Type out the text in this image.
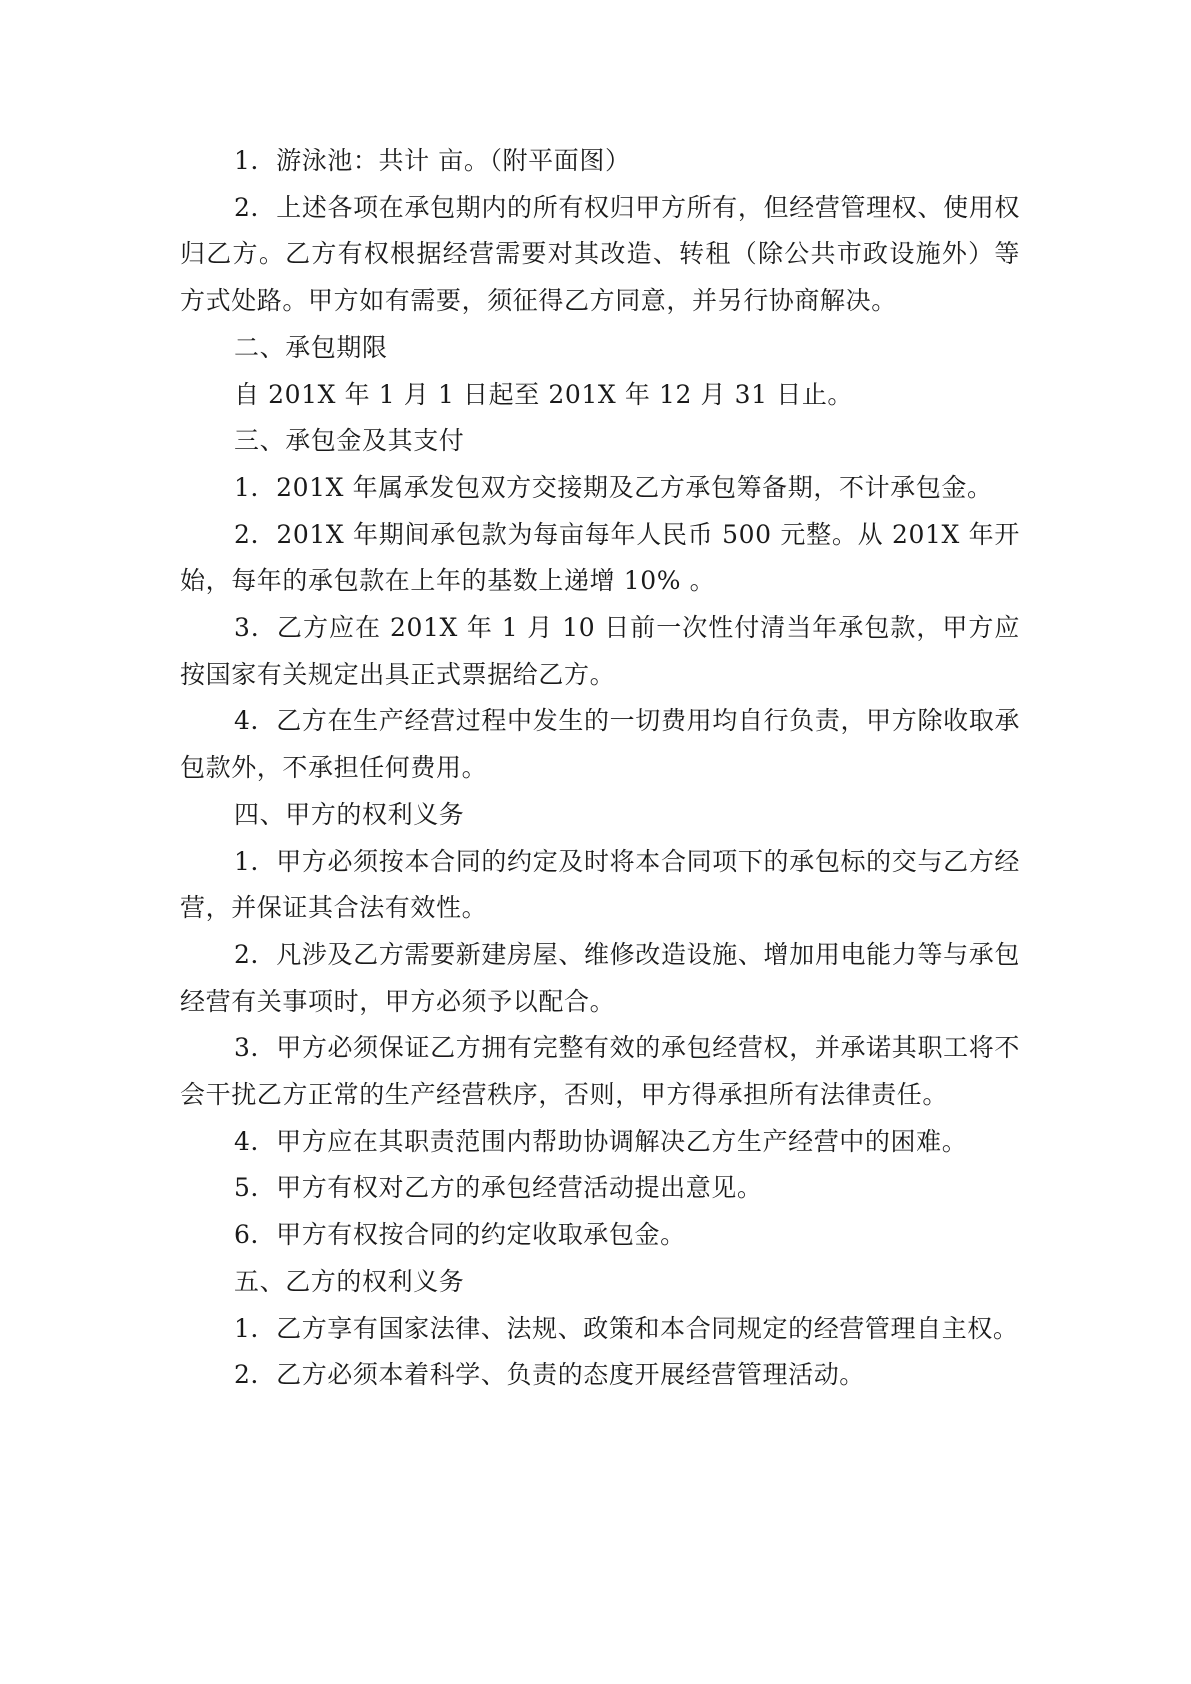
1．游泳池：共计 亩。（附平面图）

2．上述各项在承包期内的所有权归甲方所有，但经营管理权、使用权归乙方。乙方有权根据经营需要对其改造、转租（除公共市政设施外）等方式处路。甲方如有需要，须征得乙方同意，并另行协商解决。

二、承包期限

自 201X 年 1 月 1 日起至 201X 年 12 月 31 日止。

三、承包金及其支付

1．201X 年属承发包双方交接期及乙方承包筹备期，不计承包金。

2．201X 年期间承包款为每亩每年人民币 500 元整。从 201X 年开始，每年的承包款在上年的基数上递增 10% 。

3．乙方应在 201X 年 1 月 10 日前一次性付清当年承包款，甲方应按国家有关规定出具正式票据给乙方。

4．乙方在生产经营过程中发生的一切费用均自行负责，甲方除收取承包款外，不承担任何费用。

四、甲方的权利义务

1．甲方必须按本合同的约定及时将本合同项下的承包标的交与乙方经营，并保证其合法有效性。

2．凡涉及乙方需要新建房屋、维修改造设施、增加用电能力等与承包经营有关事项时，甲方必须予以配合。

3．甲方必须保证乙方拥有完整有效的承包经营权，并承诺其职工将不会干扰乙方正常的生产经营秩序，否则，甲方得承担所有法律责任。

4．甲方应在其职责范围内帮助协调解决乙方生产经营中的困难。

5．甲方有权对乙方的承包经营活动提出意见。

6．甲方有权按合同的约定收取承包金。

五、乙方的权利义务

1．乙方享有国家法律、法规、政策和本合同规定的经营管理自主权。

2．乙方必须本着科学、负责的态度开展经营管理活动。
